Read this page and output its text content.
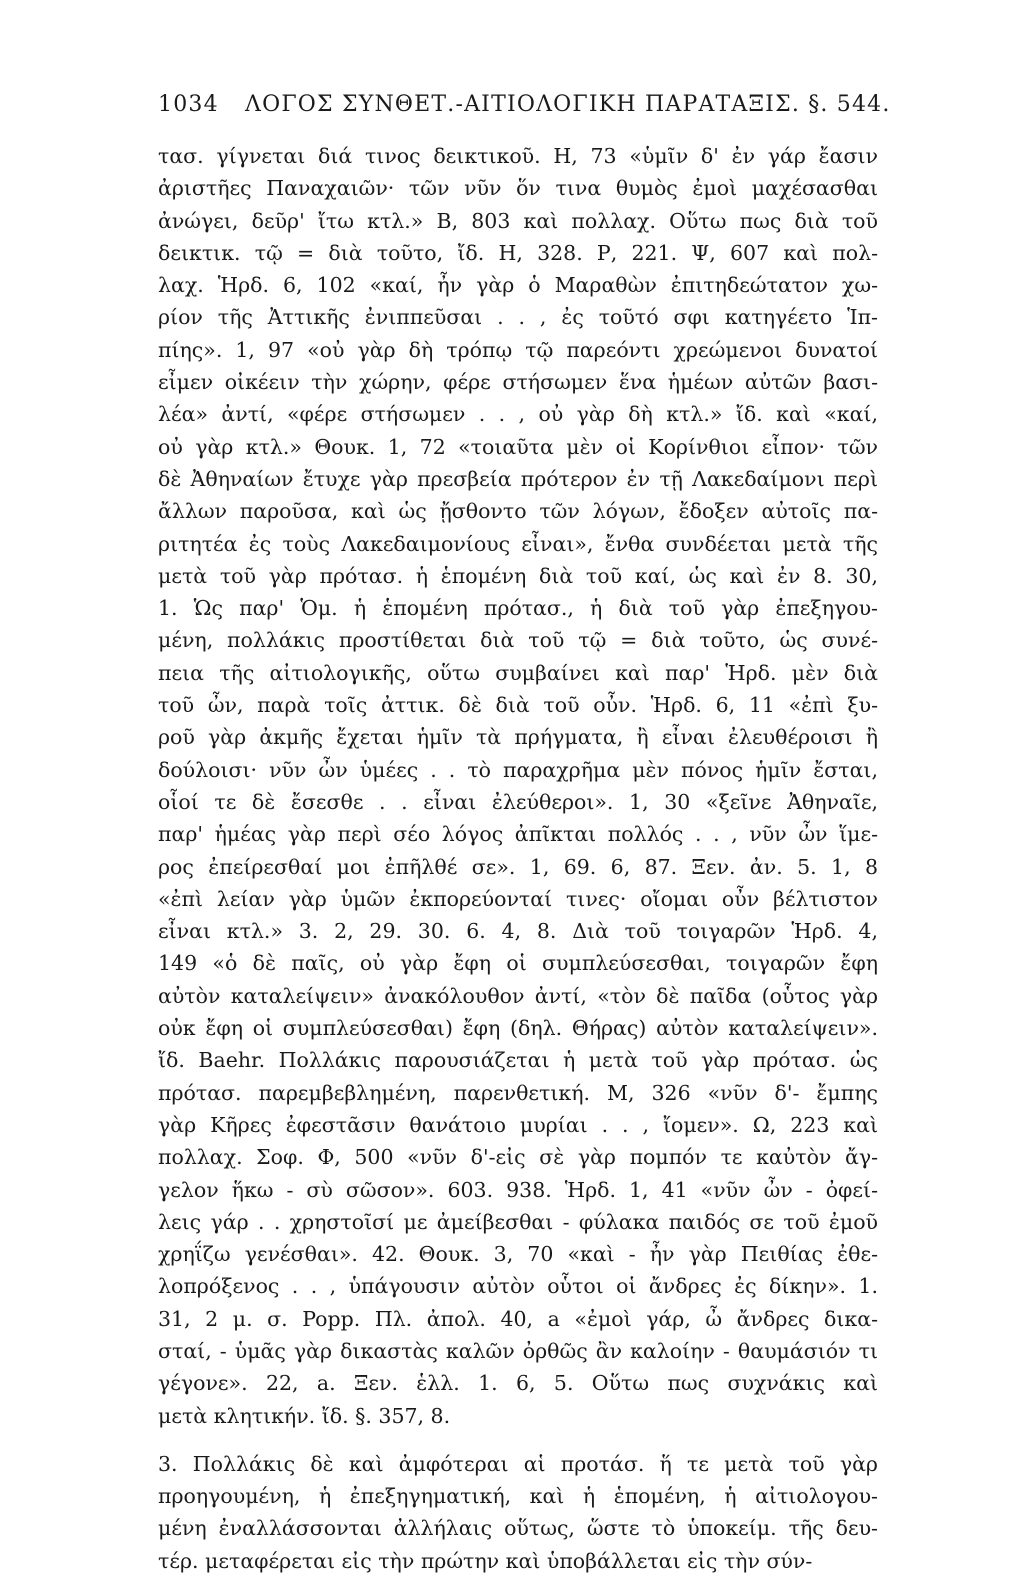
1034 ΛΟΓΟΣ ΣΥΝΘΕΤ.-ΑΙΤΙΟΛΟΓΙΚΗ ΠΑΡΑΤΑΞΙΣ. §. 544.
τασ. γίγνεται διά τινος δεικτικοῦ. Η, 73 «ὑμῖν δ' ἐν γάρ ἔασιν
ἀριστῆες Παναχαιῶν· τῶν νῦν ὅν τινα θυμὸς ἐμοὶ μαχέσασθαι
ἀνώγει, δεῦρ' ἴτω κτλ.» Β, 803 καὶ πολλαχ. Οὕτω πως διὰ τοῦ
δεικτικ. τῷ = διὰ τοῦτο, ἴδ. Η, 328. Ρ, 221. Ψ, 607 καὶ πολ-
λαχ. Ἡρδ. 6, 102 «καί, ἦν γὰρ ὁ Μαραθὼν ἐπιτηδεώτατον χω-
ρίον τῆς Ἀττικῆς ἐνιππεῦσαι . . , ἐς τοῦτό σφι κατηγέετο Ἱπ-
πίης». 1, 97 «οὐ γὰρ δὴ τρόπῳ τῷ παρεόντι χρεώμενοι δυνατοί
εἶμεν οἰκέειν τὴν χώρην, φέρε στήσωμεν ἕνα ἡμέων αὐτῶν βασι-
λέα» ἀντί, «φέρε στήσωμεν . . , οὐ γὰρ δὴ κτλ.» ἴδ. καὶ «καί,
οὐ γὰρ κτλ.» Θουκ. 1, 72 «τοιαῦτα μὲν οἱ Κορίνθιοι εἶπον· τῶν
δὲ Ἀθηναίων ἔτυχε γὰρ πρεσβεία πρότερον ἐν τῇ Λακεδαίμονι περὶ
ἄλλων παροῦσα, καὶ ὡς ᾔσθοντο τῶν λόγων, ἔδοξεν αὐτοῖς πα-
ριτητέα ἐς τοὺς Λακεδαιμονίους εἶναι», ἔνθα συνδέεται μετὰ τῆς
μετὰ τοῦ γὰρ πρότασ. ἡ ἑπομένη διὰ τοῦ καί, ὡς καὶ ἐν 8. 30,
1. Ὡς παρ' Ὁμ. ἡ ἑπομένη πρότασ., ἡ διὰ τοῦ γὰρ ἐπεξηγου-
μένη, πολλάκις προστίθεται διὰ τοῦ τῷ = διὰ τοῦτο, ὡς συνέ-
πεια τῆς αἰτιολογικῆς, οὕτω συμβαίνει καὶ παρ' Ἡρδ. μὲν διὰ
τοῦ ὦν, παρὰ τοῖς ἀττικ. δὲ διὰ τοῦ οὖν. Ἡρδ. 6, 11 «ἐπὶ ξυ-
ροῦ γὰρ ἀκμῆς ἔχεται ἡμῖν τὰ πρήγματα, ἢ εἶναι ἐλευθέροισι ἢ
δούλοισι· νῦν ὦν ὑμέες . . τὸ παραχρῆμα μὲν πόνος ἡμῖν ἔσται,
οἷοί τε δὲ ἔσεσθε . . εἶναι ἐλεύθεροι». 1, 30 «ξεῖνε Ἀθηναῖε,
παρ' ἡμέας γὰρ περὶ σέο λόγος ἀπῖκται πολλός . . , νῦν ὦν ἵμε-
ρος ἐπείρεσθαί μοι ἐπῆλθέ σε». 1, 69. 6, 87. Ξεν. ἀν. 5. 1, 8
«ἐπὶ λείαν γὰρ ὑμῶν ἐκπορεύονταί τινες· οἴομαι οὖν βέλτιστον
εἶναι κτλ.» 3. 2, 29. 30. 6. 4, 8. Διὰ τοῦ τοιγαρῶν Ἡρδ. 4,
149 «ὁ δὲ παῖς, οὐ γὰρ ἔφη οἱ συμπλεύσεσθαι, τοιγαρῶν ἔφη
αὐτὸν καταλείψειν» ἀνακόλουθον ἀντί, «τὸν δὲ παῖδα (οὗτος γὰρ
οὐκ ἔφη οἱ συμπλεύσεσθαι) ἔφη (δηλ. Θήρας) αὐτὸν καταλείψειν».
ἴδ. Baehr. Πολλάκις παρουσιάζεται ἡ μετὰ τοῦ γὰρ πρότασ. ὡς
πρότασ. παρεμβεβλημένη, παρενθετική. Μ, 326 «νῦν δ'- ἔμπης
γὰρ Κῆρες ἐφεστᾶσιν θανάτοιο μυρίαι . . , ἴομεν». Ω, 223 καὶ
πολλαχ. Σοφ. Φ, 500 «νῦν δ'-εἰς σὲ γὰρ πομπόν τε καὐτὸν ἄγ-
γελον ἥκω - σὺ σῶσον». 603. 938. Ἡρδ. 1, 41 «νῦν ὦν - ὀφεί-
λεις γάρ . . χρηστοῖσί με ἀμείβεσθαι - φύλακα παιδός σε τοῦ ἐμοῦ
χρηΐζω γενέσθαι». 42. Θουκ. 3, 70 «καὶ - ἦν γὰρ Πειθίας ἐθε-
λοπρόξενος . . , ὑπάγουσιν αὐτὸν οὗτοι οἱ ἄνδρες ἐς δίκην». 1.
31, 2 μ. σ. Popp. Πλ. ἀπολ. 40, a «ἐμοὶ γάρ, ὦ ἄνδρες δικα-
σταί, - ὑμᾶς γὰρ δικαστὰς καλῶν ὀρθῶς ἂν καλοίην - θαυμάσιόν τι
γέγονε». 22, a. Ξεν. ἑλλ. 1. 6, 5. Οὕτω πως συχνάκις καὶ
μετὰ κλητικήν. ἴδ. §. 357, 8.
3. Πολλάκις δὲ καὶ ἀμφότεραι αἱ προτάσ. ἥ τε μετὰ τοῦ γὰρ
προηγουμένη, ἡ ἐπεξηγηματική, καὶ ἡ ἑπομένη, ἡ αἰτιολογου-
μένη ἐναλλάσσονται ἀλλήλαις οὕτως, ὥστε τὸ ὑποκείμ. τῆς δευ-
τέρ. μεταφέρεται εἰς τὴν πρώτην καὶ ὑποβάλλεται εἰς τὴν σύν-
